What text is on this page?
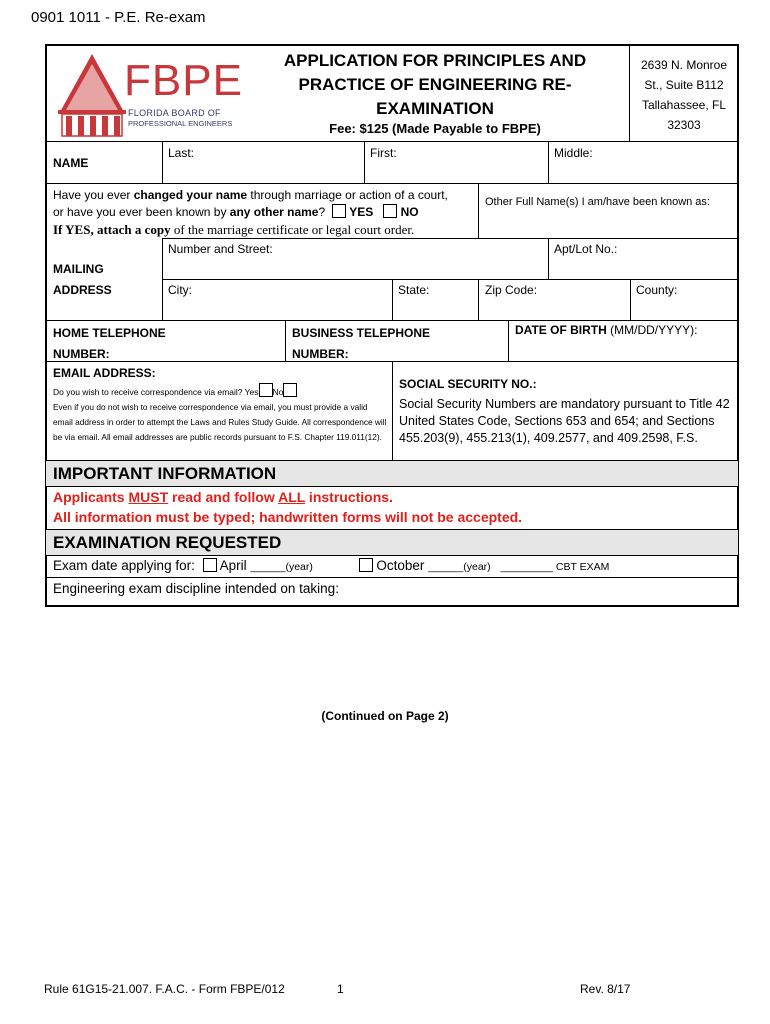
0901 1011 - P.E. Re-exam
FBPE
FLORIDA BOARD OF
PROFESSIONAL ENGINEERS
APPLICATION FOR PRINCIPLES AND
PRACTICE OF ENGINEERING RE-
EXAMINATION
Fee: $125 (Made Payable to FBPE)
2639 N. Monroe
St., Suite B112
Tallahassee, FL
32303
NAME
Last:	First:	Middle:
Have you ever changed your name through marriage or action of a court,
or have you ever been known by any other name? YES NO
If YES, attach a copy of the marriage certificate or legal court order.
Other Full Name(s) I am/have been known as:
MAILING
ADDRESS
Number and Street:	Apt/Lot No.:
City:	State:	Zip Code:	County:
HOME TELEPHONE
NUMBER:
BUSINESS TELEPHONE
NUMBER:
DATE OF BIRTH (MM/DD/YYYY):
EMAIL ADDRESS:
Do you wish to receive correspondence via email? Yes No
Even if you do not wish to receive correspondence via email, you must provide a valid email address in order to attempt the Laws and Rules Study Guide. All correspondence will be via email. All email addresses are public records pursuant to F.S. Chapter 119.011(12).
SOCIAL SECURITY NO.:
Social Security Numbers are mandatory pursuant to Title 42 United States Code, Sections 653 and 654; and Sections 455.203(9), 455.213(1), 409.2577, and 409.2598, F.S.
IMPORTANT INFORMATION
Applicants MUST read and follow ALL instructions.
All information must be typed; handwritten forms will not be accepted.
EXAMINATION REQUESTED
Exam date applying for: April ______(year)	October ______(year) _________ CBT EXAM
Engineering exam discipline intended on taking:
(Continued on Page 2)
Rule 61G15-21.007. F.A.C. - Form FBPE/012	1	Rev. 8/17
